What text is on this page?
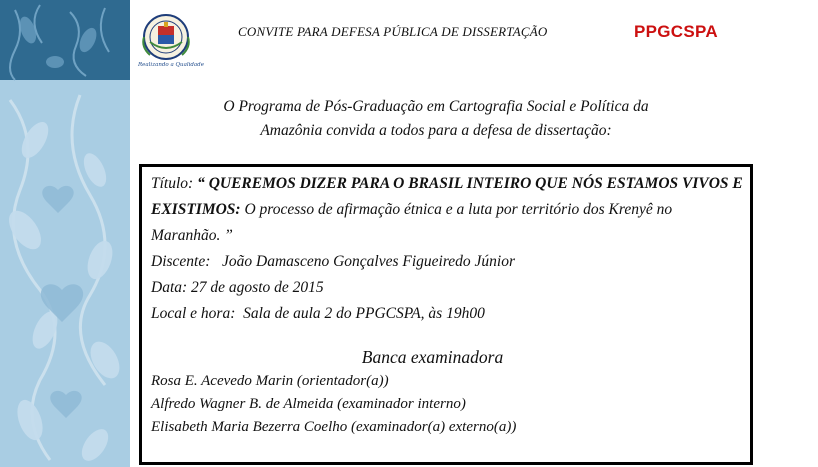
Realizando a Qualidade
CONVITE PARA DEFESA PÚBLICA DE DISSERTAÇÃO	PPGCSPA
O Programa de Pós-Graduação em Cartografia Social e Política da
Amazônia convida a todos para a defesa de dissertação:
Título: “ QUEREMOS DIZER PARA O BRASIL INTEIRO QUE NÓS ESTAMOS VIVOS E EXISTIMOS: O processo de afirmação étnica e a luta por território dos Krenyê no Maranhão. ”
Discente: João Damasceno Gonçalves Figueiredo Júnior
Data: 27 de agosto de 2015
Local e hora: Sala de aula 2 do PPGCSPA, às 19h00
Banca examinadora
Rosa E. Acevedo Marin (orientador(a))
Alfredo Wagner B. de Almeida (examinador interno)
Elisabeth Maria Bezerra Coelho (examinador(a) externo(a))
